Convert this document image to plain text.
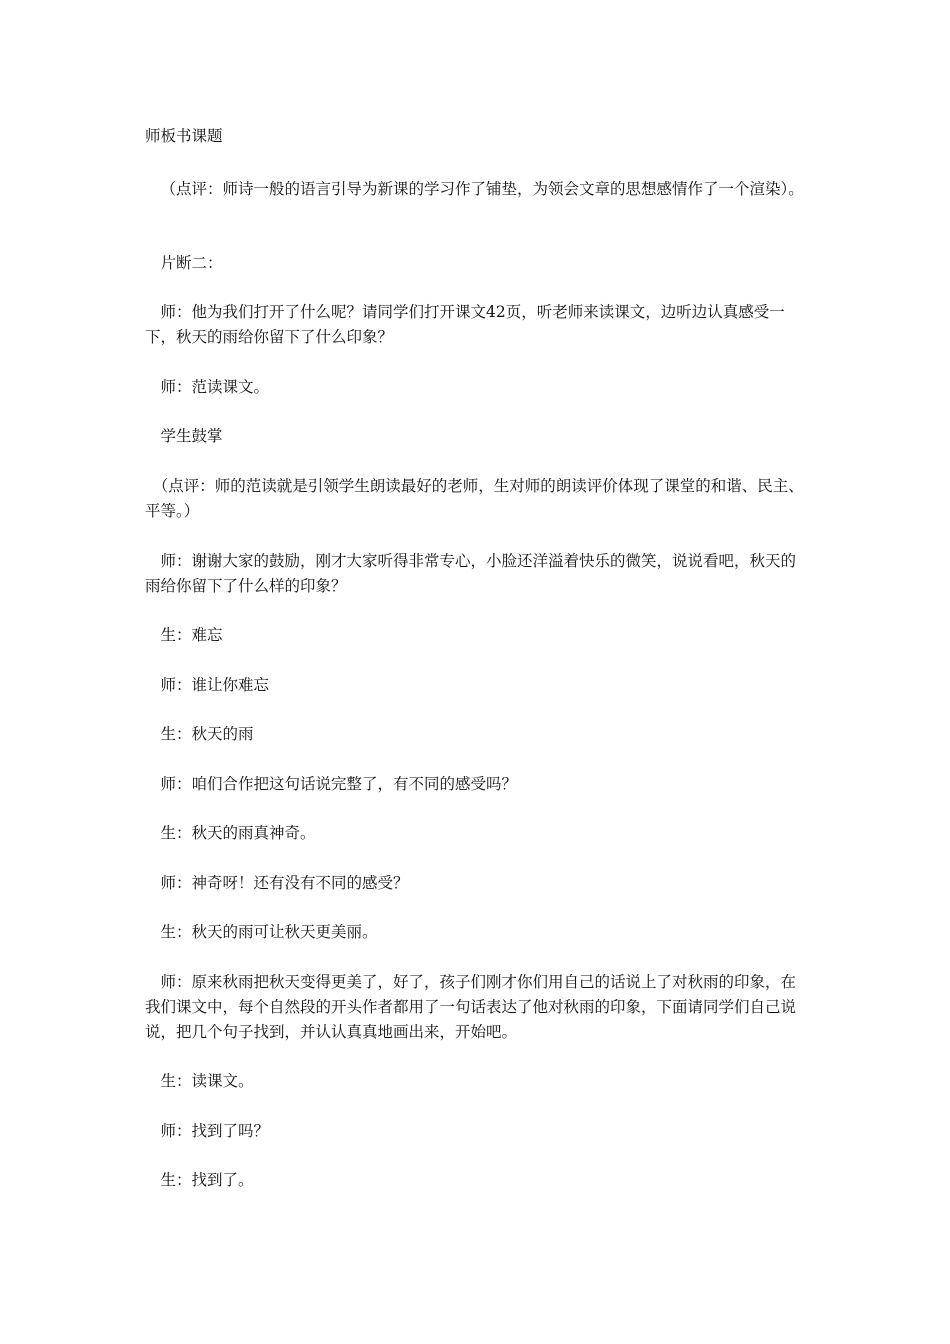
师板书课题

（点评：师诗一般的语言引导为新课的学习作了铺垫，为领会文章的思想感情作了一个渲染）。

片断二：

师：他为我们打开了什么呢？请同学们打开课文42页，听老师来读课文，边听边认真感受一下，秋天的雨给你留下了什么印象？

师：范读课文。

学生鼓掌

（点评：师的范读就是引领学生朗读最好的老师，生对师的朗读评价体现了课堂的和谐、民主、平等。）

师：谢谢大家的鼓励，刚才大家听得非常专心，小脸还洋溢着快乐的微笑，说说看吧，秋天的雨给你留下了什么样的印象？

生：难忘

师：谁让你难忘

生：秋天的雨

师：咱们合作把这句话说完整了，有不同的感受吗？

生：秋天的雨真神奇。

师：神奇呀！还有没有不同的感受？

生：秋天的雨可让秋天更美丽。

师：原来秋雨把秋天变得更美了，好了，孩子们刚才你们用自己的话说上了对秋雨的印象，在我们课文中，每个自然段的开头作者都用了一句话表达了他对秋雨的印象，下面请同学们自己说说，把几个句子找到，并认认真真地画出来，开始吧。

生：读课文。

师：找到了吗？

生：找到了。
